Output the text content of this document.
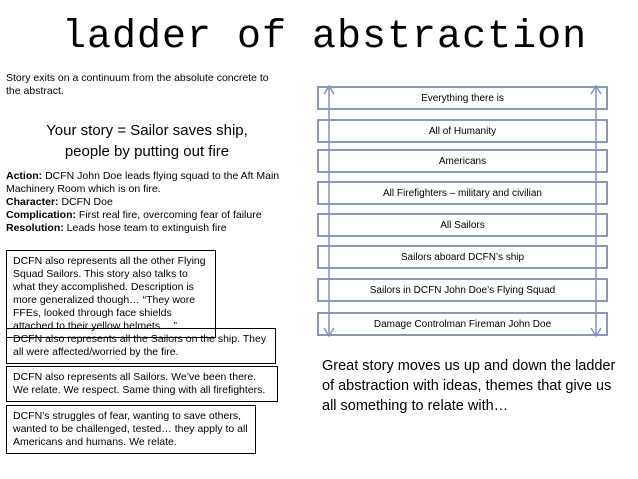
ladder of abstraction
Story exits on a continuum from the absolute concrete to the abstract.
Your story = Sailor saves ship, people by putting out fire
Action: DCFN John Doe leads flying squad to the Aft Main Machinery Room which is on fire.
Character: DCFN Doe
Complication: First real fire, overcoming fear of failure
Resolution: Leads hose team to extinguish fire
DCFN also represents all the other Flying Squad Sailors. This story also talks to what they accomplished. Description is more generalized though… “They wore FFEs, looked through face shields attached to their yellow helmets….”
DCFN also represents all the Sailors on the ship. They all were affected/worried by the fire.
DCFN also represents all Sailors. We’ve been there. We relate. We respect. Same thing with all firefighters.
DCFN’s struggles of fear, wanting to save others, wanted to be challenged, tested… they apply to all Americans and humans. We relate.
Everything there is
All of Humanity
Americans
All Firefighters – military and civilian
All Sailors
Sailors aboard DCFN’s ship
Sailors in DCFN John Doe’s Flying Squad
Damage Controlman Fireman John Doe
Great story moves us up and down the ladder of abstraction with ideas, themes that give us all something to relate with…
